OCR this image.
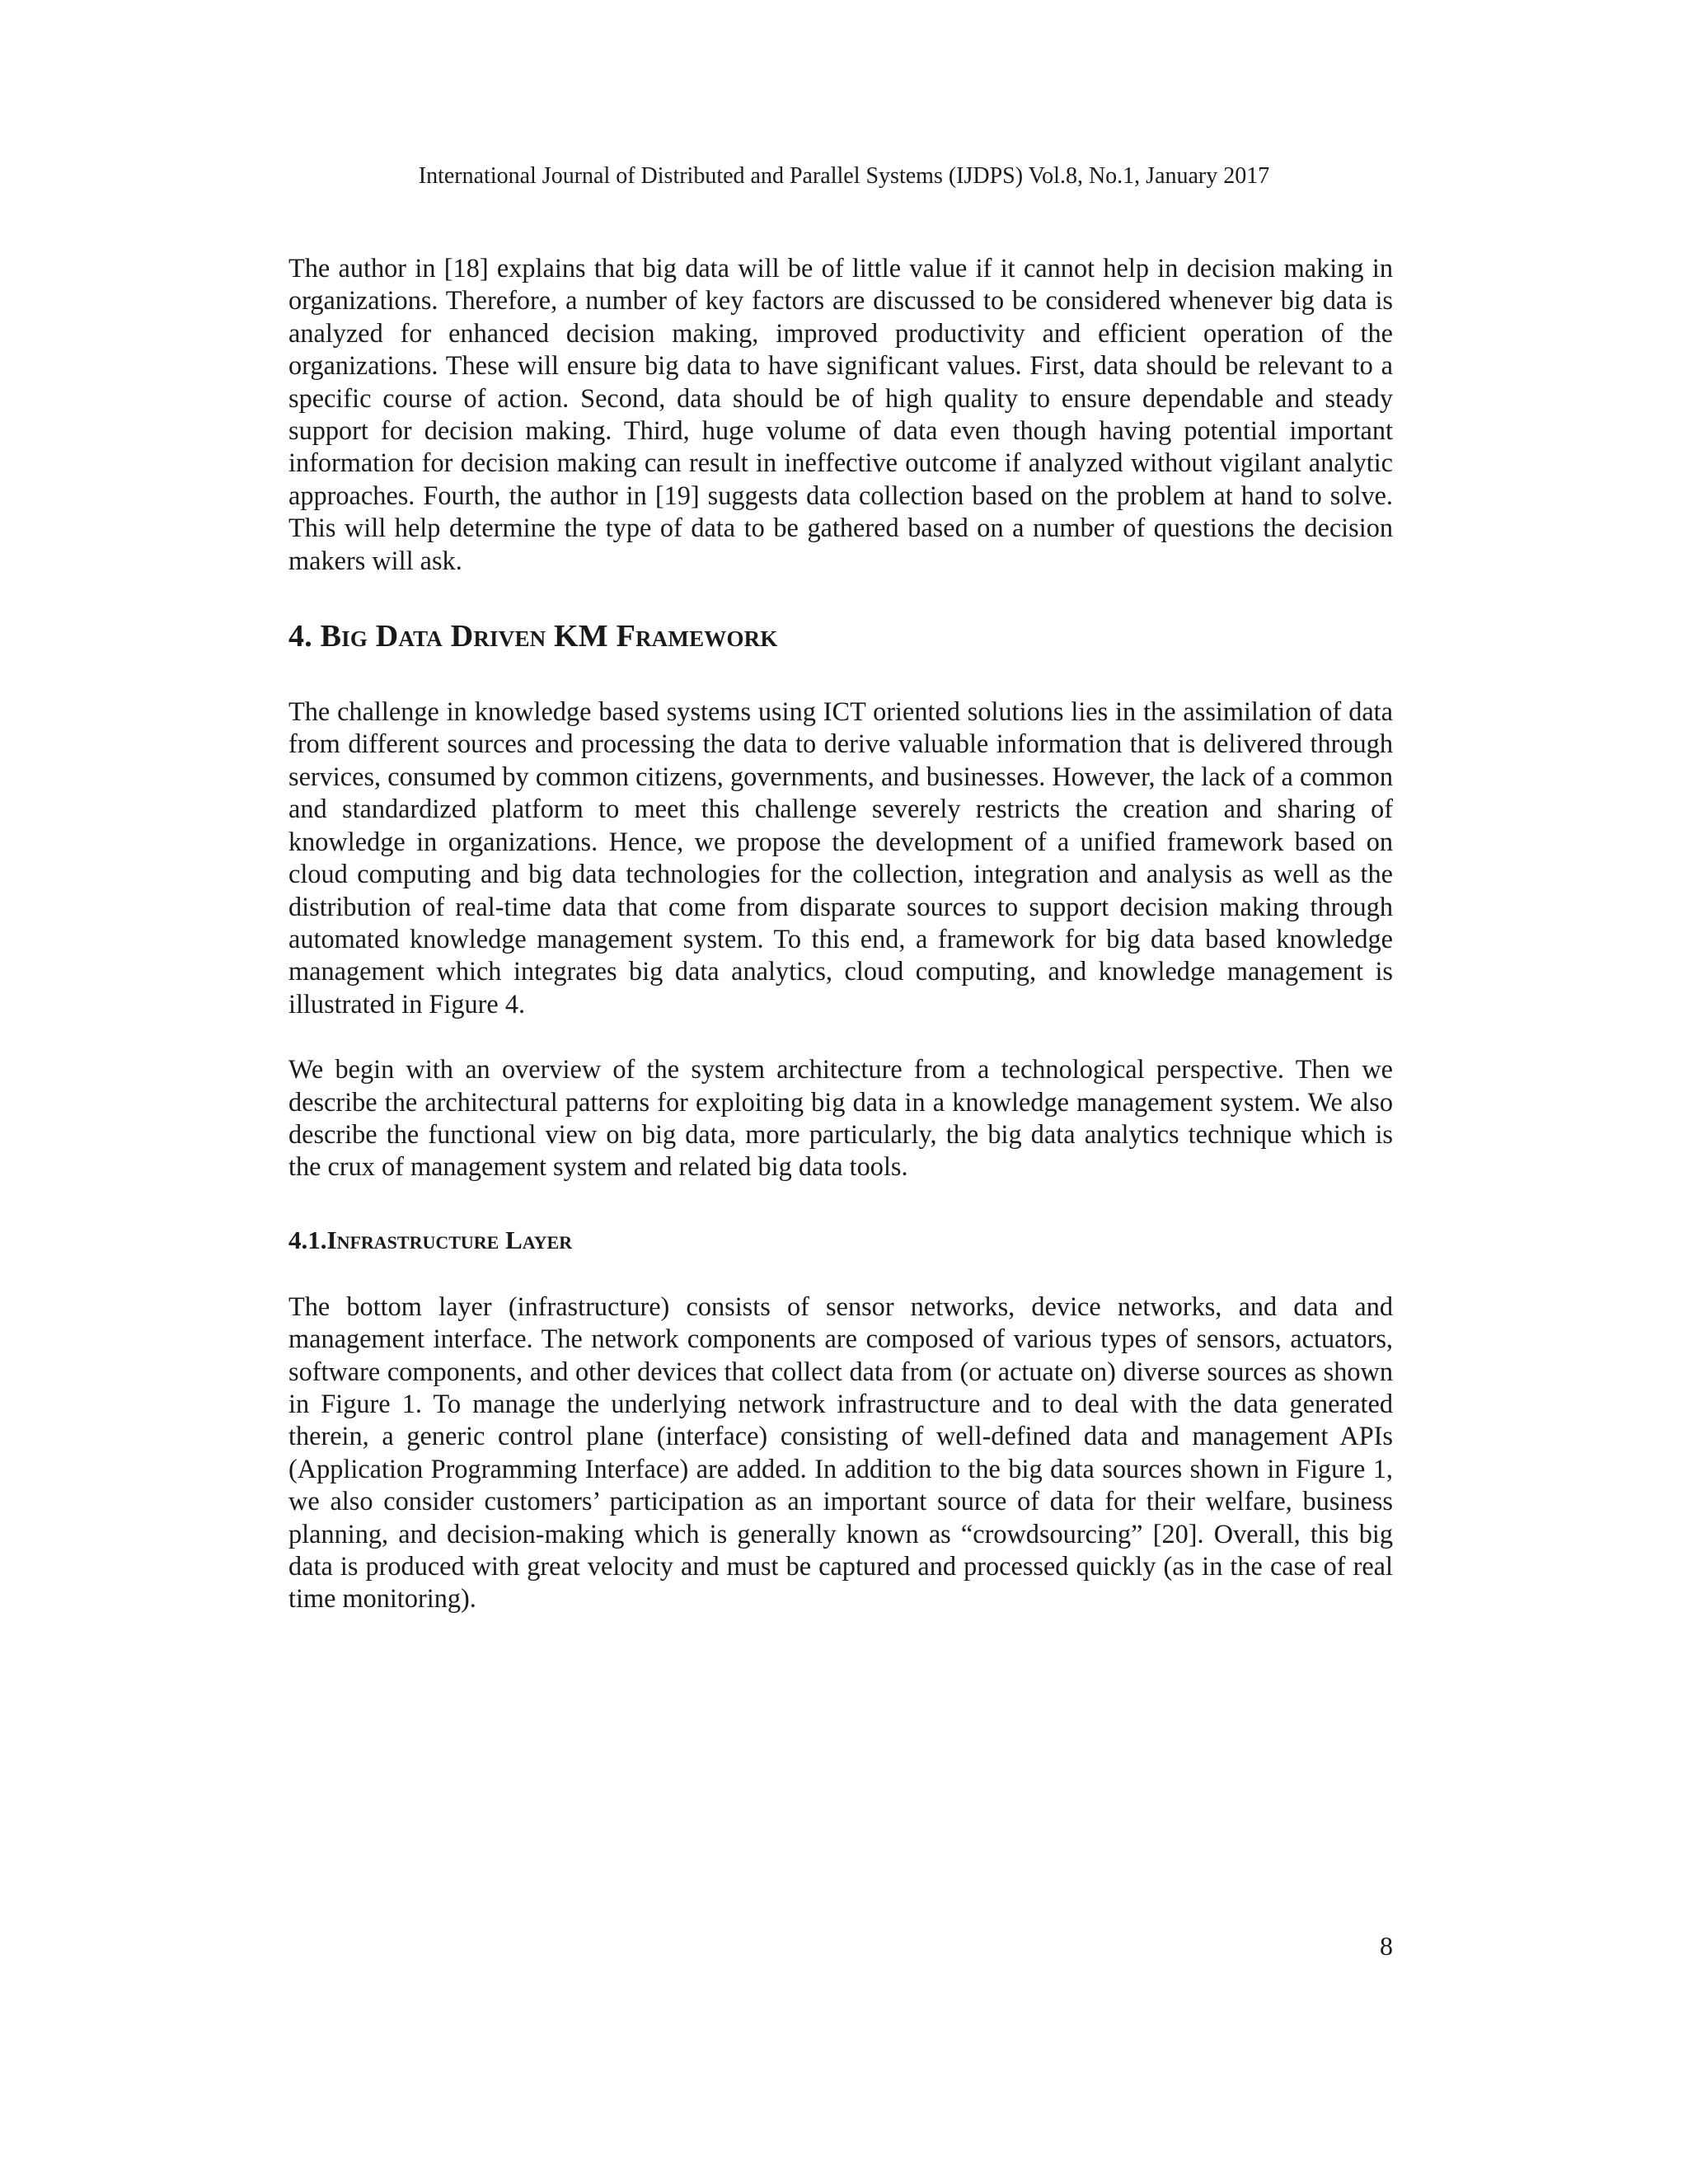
International Journal of Distributed and Parallel Systems (IJDPS) Vol.8, No.1, January 2017

The author in [18] explains that big data will be of little value if it cannot help in decision making in organizations. Therefore, a number of key factors are discussed to be considered whenever big data is analyzed for enhanced decision making, improved productivity and efficient operation of the organizations. These will ensure big data to have significant values. First, data should be relevant to a specific course of action. Second, data should be of high quality to ensure dependable and steady support for decision making. Third, huge volume of data even though having potential important information for decision making can result in ineffective outcome if analyzed without vigilant analytic approaches. Fourth, the author in [19] suggests data collection based on the problem at hand to solve. This will help determine the type of data to be gathered based on a number of questions the decision makers will ask.

4. Big Data Driven KM Framework

The challenge in knowledge based systems using ICT oriented solutions lies in the assimilation of data from different sources and processing the data to derive valuable information that is delivered through services, consumed by common citizens, governments, and businesses. However, the lack of a common and standardized platform to meet this challenge severely restricts the creation and sharing of knowledge in organizations. Hence, we propose the development of a unified framework based on cloud computing and big data technologies for the collection, integration and analysis as well as the distribution of real-time data that come from disparate sources to support decision making through automated knowledge management system. To this end, a framework for big data based knowledge management which integrates big data analytics, cloud computing, and knowledge management is illustrated in Figure 4.

We begin with an overview of the system architecture from a technological perspective. Then we describe the architectural patterns for exploiting big data in a knowledge management system. We also describe the functional view on big data, more particularly, the big data analytics technique which is the crux of management system and related big data tools.

4.1.Infrastructure Layer

The bottom layer (infrastructure) consists of sensor networks, device networks, and data and management interface. The network components are composed of various types of sensors, actuators, software components, and other devices that collect data from (or actuate on) diverse sources as shown in Figure 1. To manage the underlying network infrastructure and to deal with the data generated therein, a generic control plane (interface) consisting of well-defined data and management APIs (Application Programming Interface) are added. In addition to the big data sources shown in Figure 1, we also consider customers’ participation as an important source of data for their welfare, business planning, and decision-making which is generally known as “crowdsourcing” [20]. Overall, this big data is produced with great velocity and must be captured and processed quickly (as in the case of real time monitoring).

8
